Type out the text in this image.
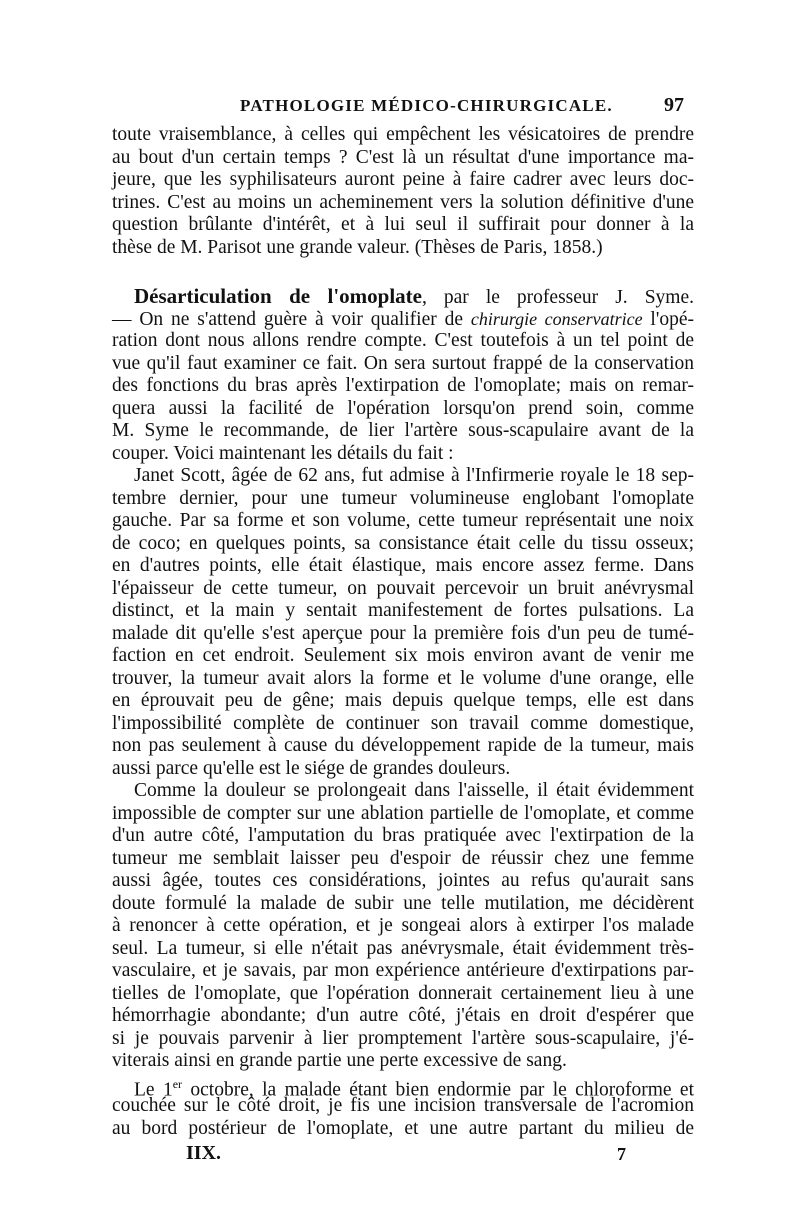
PATHOLOGIE MÉDICO-CHIRURGICALE.	97
toute vraisemblance, à celles qui empêchent les vésicatoires de prendre
au bout d'un certain temps ? C'est là un résultat d'une importance ma-
jeure, que les syphilisateurs auront peine à faire cadrer avec leurs doc-
trines. C'est au moins un acheminement vers la solution définitive d'une
question brûlante d'intérêt, et à lui seul il suffirait pour donner à la
thèse de M. Parisot une grande valeur. (Thèses de Paris, 1858.)
Désarticulation de l'omoplate, par le professeur J. Syme.
— On ne s'attend guère à voir qualifier de chirurgie conservatrice l'opé-
ration dont nous allons rendre compte. C'est toutefois à un tel point de
vue qu'il faut examiner ce fait. On sera surtout frappé de la conservation
des fonctions du bras après l'extirpation de l'omoplate; mais on remar-
quera aussi la facilité de l'opération lorsqu'on prend soin, comme
M. Syme le recommande, de lier l'artère sous-scapulaire avant de la
couper. Voici maintenant les détails du fait :
Janet Scott, âgée de 62 ans, fut admise à l'Infirmerie royale le 18 sep-
tembre dernier, pour une tumeur volumineuse englobant l'omoplate
gauche. Par sa forme et son volume, cette tumeur représentait une noix
de coco; en quelques points, sa consistance était celle du tissu osseux;
en d'autres points, elle était élastique, mais encore assez ferme. Dans
l'épaisseur de cette tumeur, on pouvait percevoir un bruit anévrysmal
distinct, et la main y sentait manifestement de fortes pulsations. La
malade dit qu'elle s'est aperçue pour la première fois d'un peu de tumé-
faction en cet endroit. Seulement six mois environ avant de venir me
trouver, la tumeur avait alors la forme et le volume d'une orange, elle
en éprouvait peu de gêne; mais depuis quelque temps, elle est dans
l'impossibilité complète de continuer son travail comme domestique,
non pas seulement à cause du développement rapide de la tumeur, mais
aussi parce qu'elle est le siége de grandes douleurs.
Comme la douleur se prolongeait dans l'aisselle, il était évidemment
impossible de compter sur une ablation partielle de l'omoplate, et comme
d'un autre côté, l'amputation du bras pratiquée avec l'extirpation de la
tumeur me semblait laisser peu d'espoir de réussir chez une femme
aussi âgée, toutes ces considérations, jointes au refus qu'aurait sans
doute formulé la malade de subir une telle mutilation, me décidèrent
à renoncer à cette opération, et je songeai alors à extirper l'os malade
seul. La tumeur, si elle n'était pas anévrysmale, était évidemment très-
vasculaire, et je savais, par mon expérience antérieure d'extirpations par-
tielles de l'omoplate, que l'opération donnerait certainement lieu à une
hémorrhagie abondante; d'un autre côté, j'étais en droit d'espérer que
si je pouvais parvenir à lier promptement l'artère sous-scapulaire, j'é-
viterais ainsi en grande partie une perte excessive de sang.
Le 1er octobre, la malade étant bien endormie par le chloroforme et
couchée sur le côté droit, je fis une incision transversale de l'acromion
au bord postérieur de l'omoplate, et une autre partant du milieu de
IIX.	7
